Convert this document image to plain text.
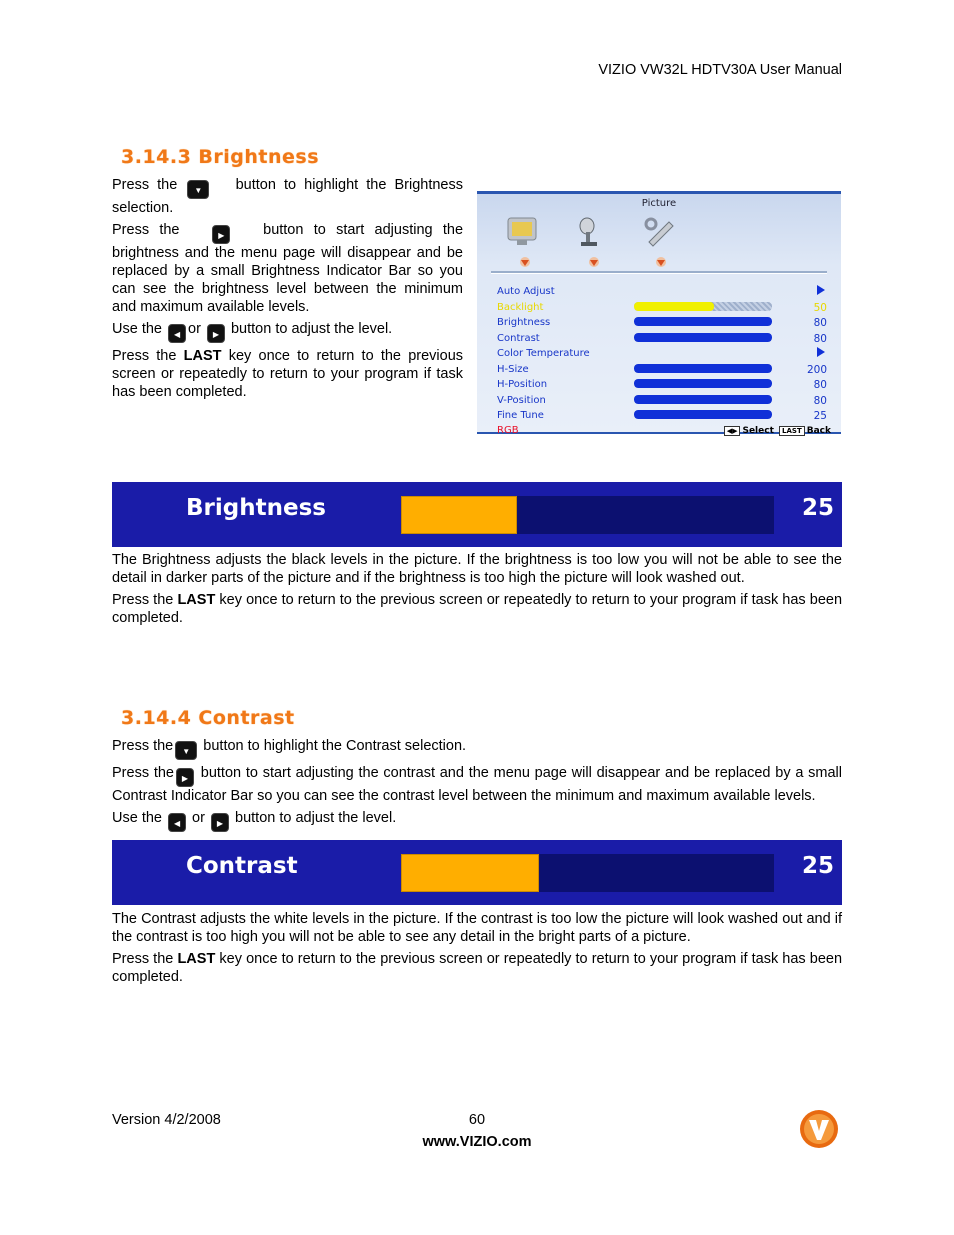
VIZIO VW32L HDTV30A User Manual
3.14.3 Brightness

Press the ▼ button to highlight the Brightness selection.

Press the	▶	button to start adjusting the brightness and the menu page will disappear and be replaced by a small Brightness Indicator Bar so you can see the brightness level between the minimum and maximum available levels.

Use the ◀ or ▶ button to adjust the level.

Press the LAST key once to return to the previous screen or repeatedly to return to your program if task has been completed.

Picture
Auto Adjust
Backlight	50
Brightness	80
Contrast	80
Color Temperature
H-Size	200
H-Position	80
V-Position	80
Fine Tune	25
RGB	◀▶ Select LAST Back
Brightness	25

The Brightness adjusts the black levels in the picture. If the brightness is too low you will not be able to see the detail in darker parts of the picture and if the brightness is too high the picture will look washed out.

Press the LAST key once to return to the previous screen or repeatedly to return to your program if task has been completed.

3.14.4 Contrast

Press the ▼ button to highlight the Contrast selection.

Press the ▶ button to start adjusting the contrast and the menu page will disappear and be replaced by a small Contrast Indicator Bar so you can see the contrast level between the minimum and maximum available levels.

Use the ◀ or ▶ button to adjust the level.

Contrast	25

The Contrast adjusts the white levels in the picture. If the contrast is too low the picture will look washed out and if the contrast is too high you will not be able to see any detail in the bright parts of a picture.

Press the LAST key once to return to the previous screen or repeatedly to return to your program if task has been completed.

Version 4/2/2008	60
www.VIZIO.com
